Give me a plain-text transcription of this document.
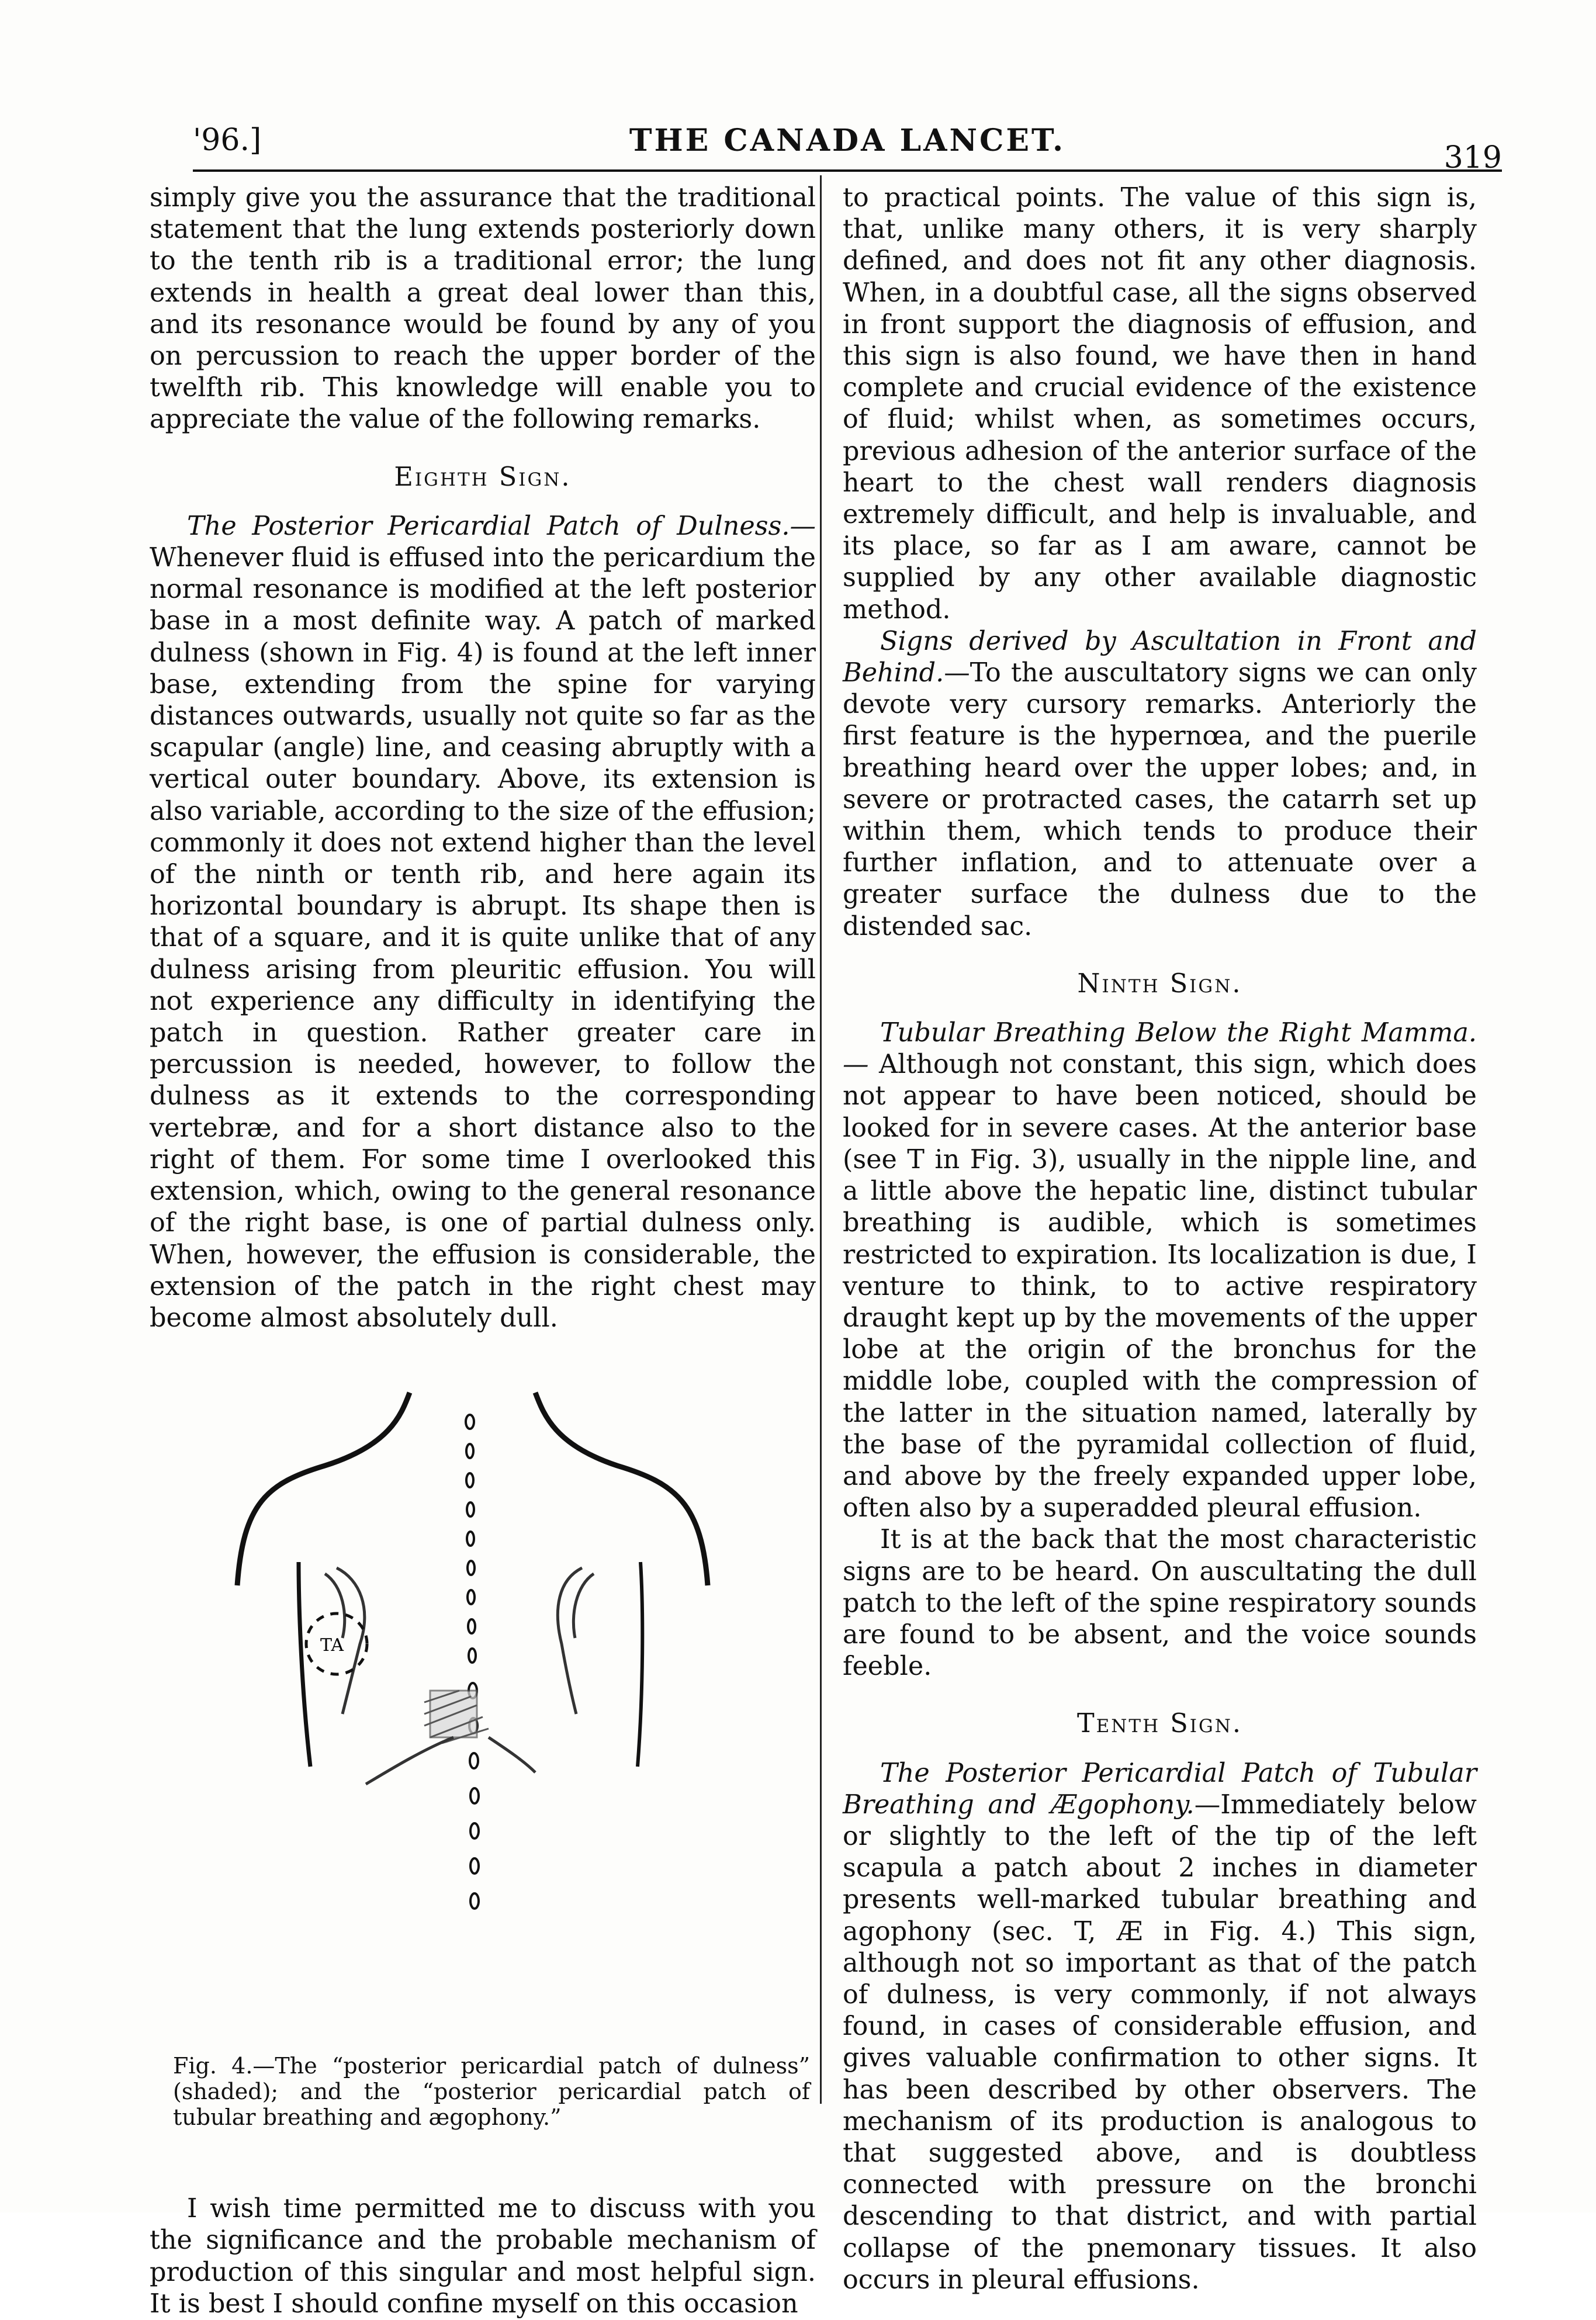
'96.]	THE CANADA LANCET.	319

simply give you the assurance that the traditional statement that the lung extends posteriorly down to the tenth rib is a traditional error; the lung extends in health a great deal lower than this, and its resonance would be found by any of you on percussion to reach the upper border of the twelfth rib. This knowledge will enable you to appreciate the value of the following remarks.

Eighth Sign.

The Posterior Pericardial Patch of Dulness.— Whenever fluid is effused into the pericardium the normal resonance is modified at the left posterior base in a most definite way. A patch of marked dulness (shown in Fig. 4) is found at the left inner base, extending from the spine for varying distances outwards, usually not quite so far as the scapular (angle) line, and ceasing abruptly with a vertical outer boundary. Above, its extension is also variable, according to the size of the effusion; commonly it does not extend higher than the level of the ninth or tenth rib, and here again its horizontal boundary is abrupt. Its shape then is that of a square, and it is quite unlike that of any dulness arising from pleuritic effusion. You will not experience any difficulty in identifying the patch in question. Rather greater care in percussion is needed, however, to follow the dulness as it extends to the corresponding vertebræ, and for a short distance also to the right of them. For some time I overlooked this extension, which, owing to the general resonance of the right base, is one of partial dulness only. When, however, the effusion is considerable, the extension of the patch in the right chest may become almost absolutely dull.

TA
Fig. 4.—The “posterior pericardial patch of dulness” (shaded); and the “posterior pericardial patch of tubular breathing and ægophony.”

I wish time permitted me to discuss with you the significance and the probable mechanism of production of this singular and most helpful sign. It is best I should confine myself on this occasion

to practical points. The value of this sign is, that, unlike many others, it is very sharply defined, and does not fit any other diagnosis. When, in a doubtful case, all the signs observed in front support the diagnosis of effusion, and this sign is also found, we have then in hand complete and crucial evidence of the existence of fluid; whilst when, as sometimes occurs, previous adhesion of the anterior surface of the heart to the chest wall renders diagnosis extremely difficult, and help is invaluable, and its place, so far as I am aware, cannot be supplied by any other available diagnostic method.

Signs derived by Ascultation in Front and Behind.—To the auscultatory signs we can only devote very cursory remarks. Anteriorly the first feature is the hypernœa, and the puerile breathing heard over the upper lobes; and, in severe or protracted cases, the catarrh set up within them, which tends to produce their further inflation, and to attenuate over a greater surface the dulness due to the distended sac.

Ninth Sign.

Tubular Breathing Below the Right Mamma.— Although not constant, this sign, which does not appear to have been noticed, should be looked for in severe cases. At the anterior base (see T in Fig. 3), usually in the nipple line, and a little above the hepatic line, distinct tubular breathing is audible, which is sometimes restricted to expiration. Its localization is due, I venture to think, to to active respiratory draught kept up by the movements of the upper lobe at the origin of the bronchus for the middle lobe, coupled with the compression of the latter in the situation named, laterally by the base of the pyramidal collection of fluid, and above by the freely expanded upper lobe, often also by a superadded pleural effusion.

It is at the back that the most characteristic signs are to be heard. On auscultating the dull patch to the left of the spine respiratory sounds are found to be absent, and the voice sounds feeble.

Tenth Sign.

The Posterior Pericardial Patch of Tubular Breathing and Ægophony.—Immediately below or slightly to the left of the tip of the left scapula a patch about 2 inches in diameter presents well-marked tubular breathing and agophony (sec. T, Æ in Fig. 4.) This sign, although not so important as that of the patch of dulness, is very commonly, if not always found, in cases of considerable effusion, and gives valuable confirmation to other signs. It has been described by other observers. The mechanism of its production is analogous to that suggested above, and is doubtless connected with pressure on the bronchi descending to that district, and with partial collapse of the pnemonary tissues. It also occurs in pleural effusions.
